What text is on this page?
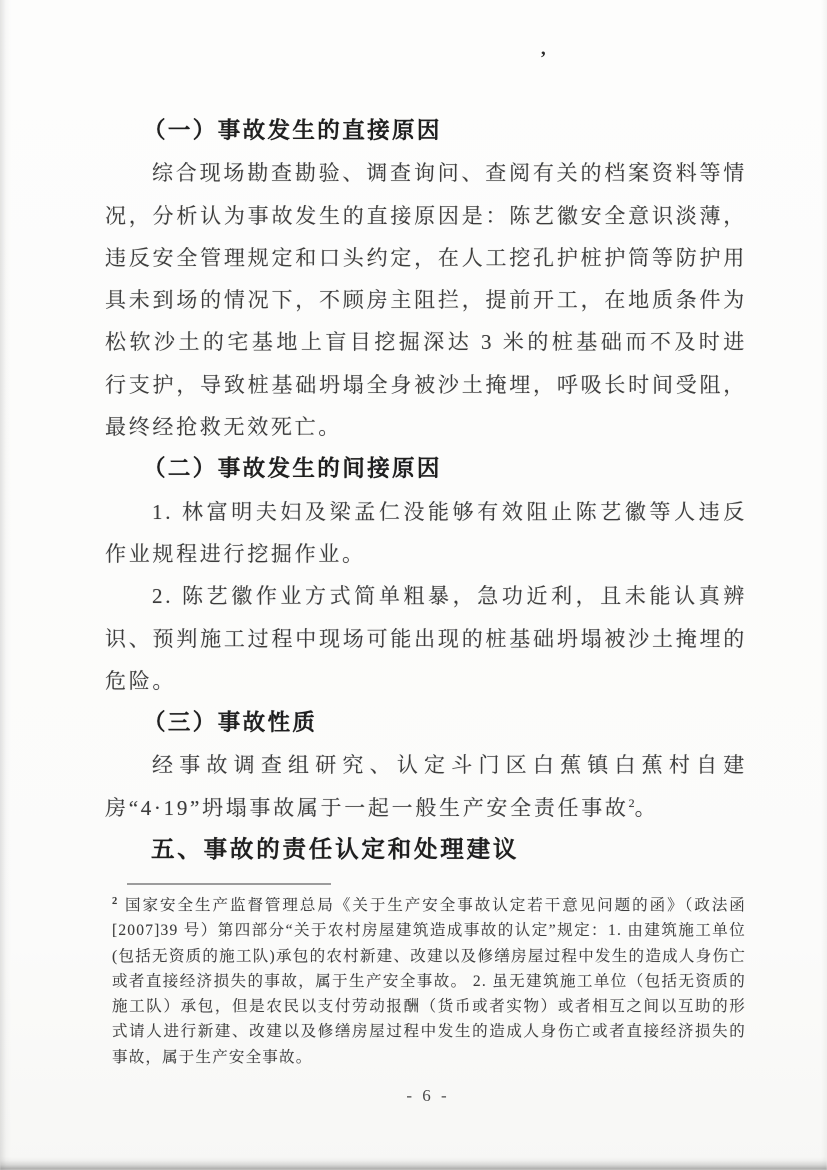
’
（一）事故发生的直接原因

综合现场勘查勘验、调查询问、查阅有关的档案资料等情况，分析认为事故发生的直接原因是：陈艺徽安全意识淡薄，违反安全管理规定和口头约定，在人工挖孔护桩护筒等防护用具未到场的情况下，不顾房主阻拦，提前开工，在地质条件为松软沙土的宅基地上盲目挖掘深达 3 米的桩基础而不及时进行支护，导致桩基础坍塌全身被沙土掩埋，呼吸长时间受阻，最终经抢救无效死亡。

（二）事故发生的间接原因

1. 林富明夫妇及梁孟仁没能够有效阻止陈艺徽等人违反作业规程进行挖掘作业。

2. 陈艺徽作业方式简单粗暴，急功近利，且未能认真辨识、预判施工过程中现场可能出现的桩基础坍塌被沙土掩埋的危险。

（三）事故性质

经事故调查组研究、认定斗门区白蕉镇白蕉村自建房“4·19”坍塌事故属于一起一般生产安全责任事故$^2$。

五、事故的责任认定和处理建议

$^2$ 国家安全生产监督管理总局《关于生产安全事故认定若干意见问题的函》（政法函[2007]39 号）第四部分“关于农村房屋建筑造成事故的认定”规定：1. 由建筑施工单位(包括无资质的施工队)承包的农村新建、改建以及修缮房屋过程中发生的造成人身伤亡或者直接经济损失的事故，属于生产安全事故。 2. 虽无建筑施工单位（包括无资质的施工队）承包，但是农民以支付劳动报酬（货币或者实物）或者相互之间以互助的形式请人进行新建、改建以及修缮房屋过程中发生的造成人身伤亡或者直接经济损失的事故，属于生产安全事故。

- 6 -
